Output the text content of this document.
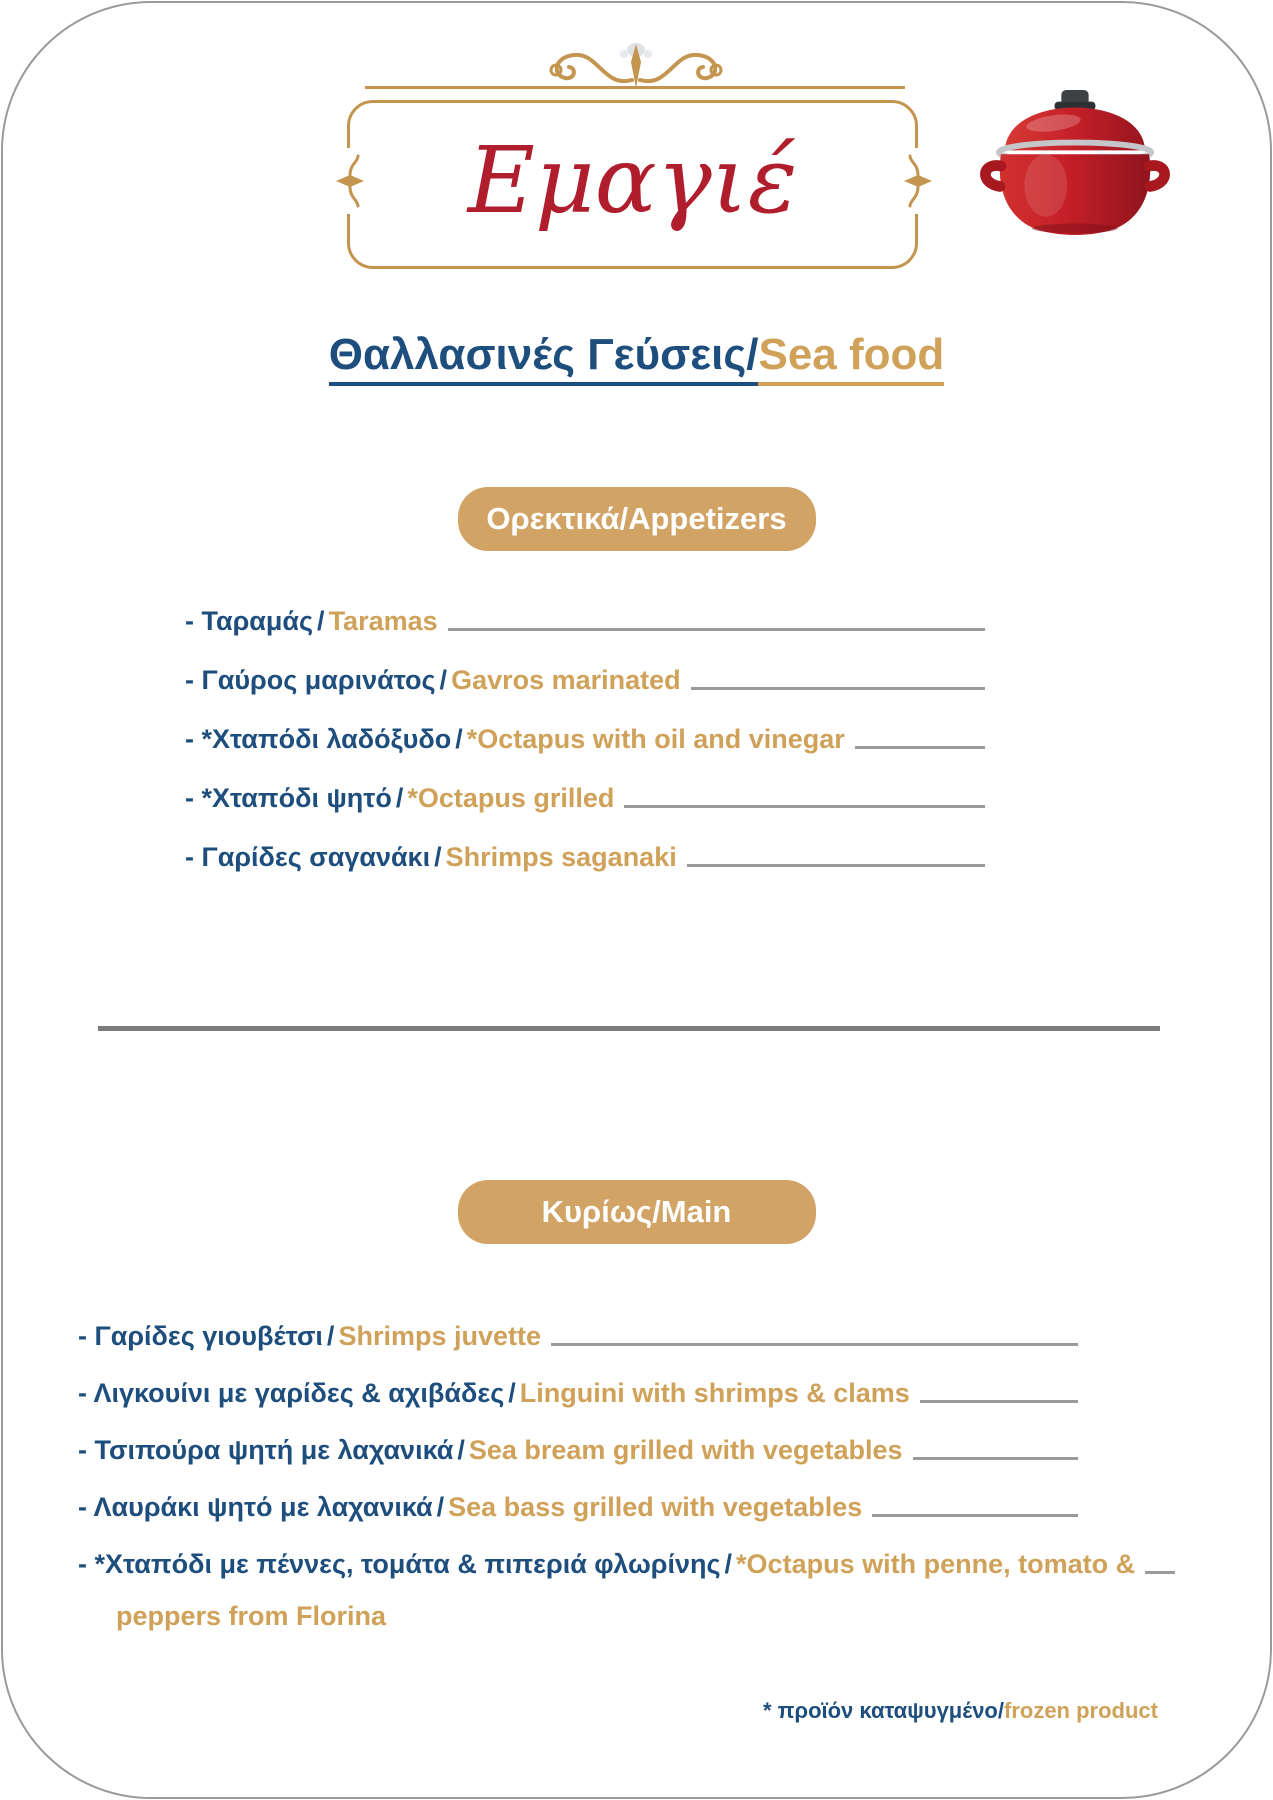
Εμαγιέ
Θαλλασινές Γεύσεις/Sea food
Ορεκτικά/Appetizers
- Ταραμάς / Taramas
- Γαύρος μαρινάτος / Gavros marinated
- *Χταπόδι λαδόξυδο / *Octapus with oil and vinegar
- *Χταπόδι ψητό / *Octapus grilled
- Γαρίδες σαγανάκι / Shrimps saganaki
Κυρίως/Main
- Γαρίδες γιουβέτσι / Shrimps juvette
- Λιγκουίνι με γαρίδες & αχιβάδες / Linguini with shrimps & clams
- Τσιπούρα ψητή με λαχανικά / Sea bream grilled with vegetables
- Λαυράκι ψητό με λαχανικά / Sea bass grilled with vegetables
- *Χταπόδι με πέννες, τομάτα & πιπεριά φλωρίνης / *Octapus with penne, tomato &
peppers from Florina
* προϊόν καταψυγμένο/frozen product
